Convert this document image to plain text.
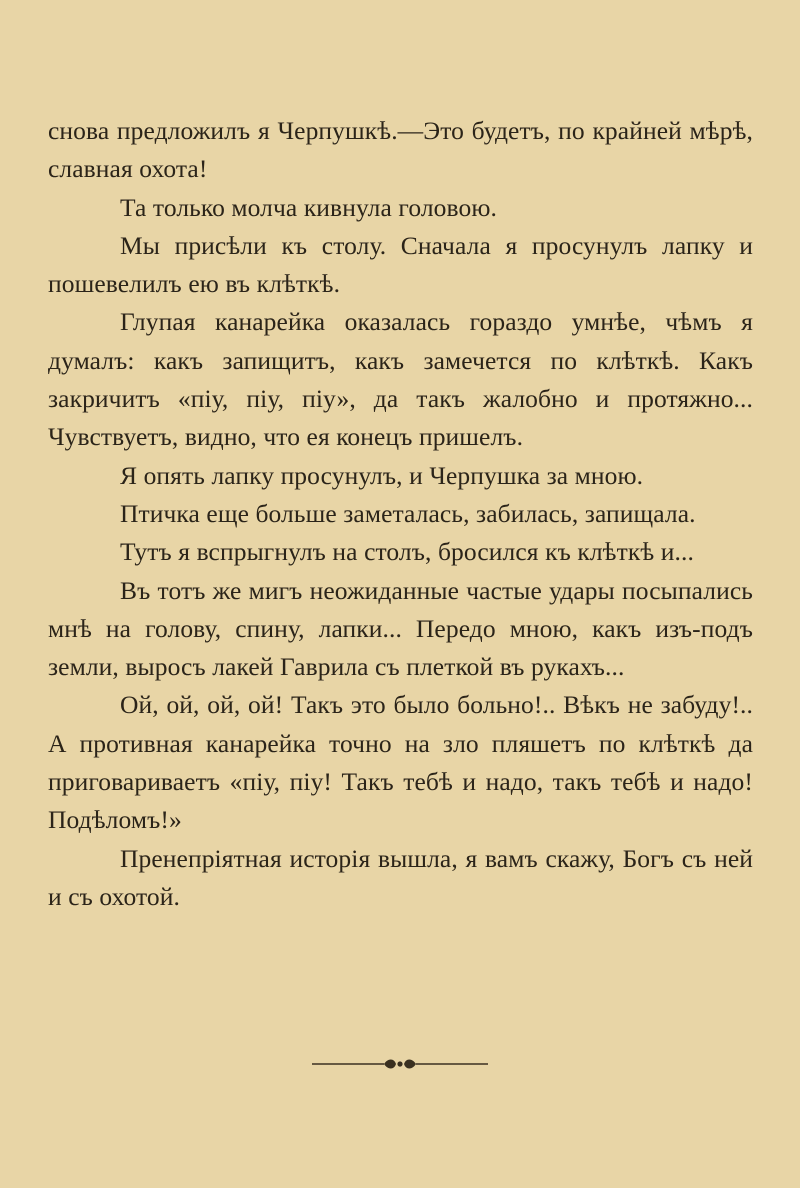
снова предложилъ я Черпушкѣ.—Это будетъ, по крайней мѣрѣ, славная охота!

Та только молча кивнула головою.

Мы присѣли къ столу. Сначала я просунулъ лапку и пошевелилъ ею въ клѣткѣ.

Глупая канарейка оказалась гораздо умнѣе, чѣмъ я думалъ: какъ запищитъ, какъ замечется по клѣткѣ. Какъ закричитъ «пiу, пiу, пiу», да такъ жалобно и протяжно... Чувствуетъ, видно, что ея конецъ пришелъ.

Я опять лапку просунулъ, и Черпушка за мною.

Птичка еще больше заметалась, забилась, запищала.

Тутъ я вспрыгнулъ на столъ, бросился къ клѣткѣ и...

Въ тотъ же мигъ неожиданные частые удары посыпались мнѣ на голову, спину, лапки... Передо мною, какъ изъ-подъ земли, выросъ лакей Гаврила съ плеткой въ рукахъ...

Ой, ой, ой, ой! Такъ это было больно!.. Вѣкъ не забуду!.. А противная канарейка точно на зло пляшетъ по клѣткѣ да приговариваетъ «пiу, пiу! Такъ тебѣ и надо, такъ тебѣ и надо! Подѣломъ!»

Пренепрiятная исторiя вышла, я вамъ скажу, Богъ съ ней и съ охотой.
